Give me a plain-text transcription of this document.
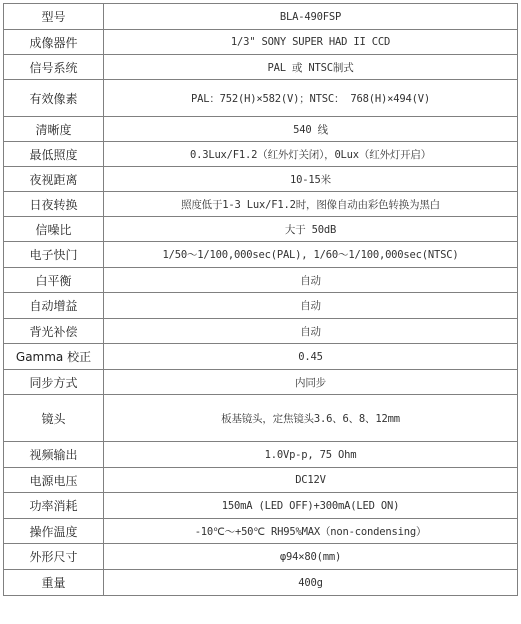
型号	BLA-490FSP
成像器件	1/3" SONY SUPER HAD II CCD
信号系统	PAL 或 NTSC制式
有效像素	PAL：752(H)×582(V)；NTSC： 768(H)×494(V)
清晰度	540 线
最低照度	0.3Lux/F1.2（红外灯关闭），0Lux（红外灯开启）
夜视距离	10-15米
日夜转换	照度低于1-3 Lux/F1.2时，图像自动由彩色转换为黑白
信噪比	大于 50dB
电子快门	1/50～1/100,000sec(PAL), 1/60～1/100,000sec(NTSC)
白平衡	自动
自动增益	自动
背光补偿	自动
Gamma 校正	0.45
同步方式	内同步
镜头	板基镜头，定焦镜头3.6、6、8、12mm
视频输出	1.0Vp-p, 75 Ohm
电源电压	DC12V
功率消耗	150mA (LED OFF)+300mA(LED ON)
操作温度	-10℃～+50℃ RH95%MAX（non-condensing）
外形尺寸	φ94×80(mm)
重量	400g
